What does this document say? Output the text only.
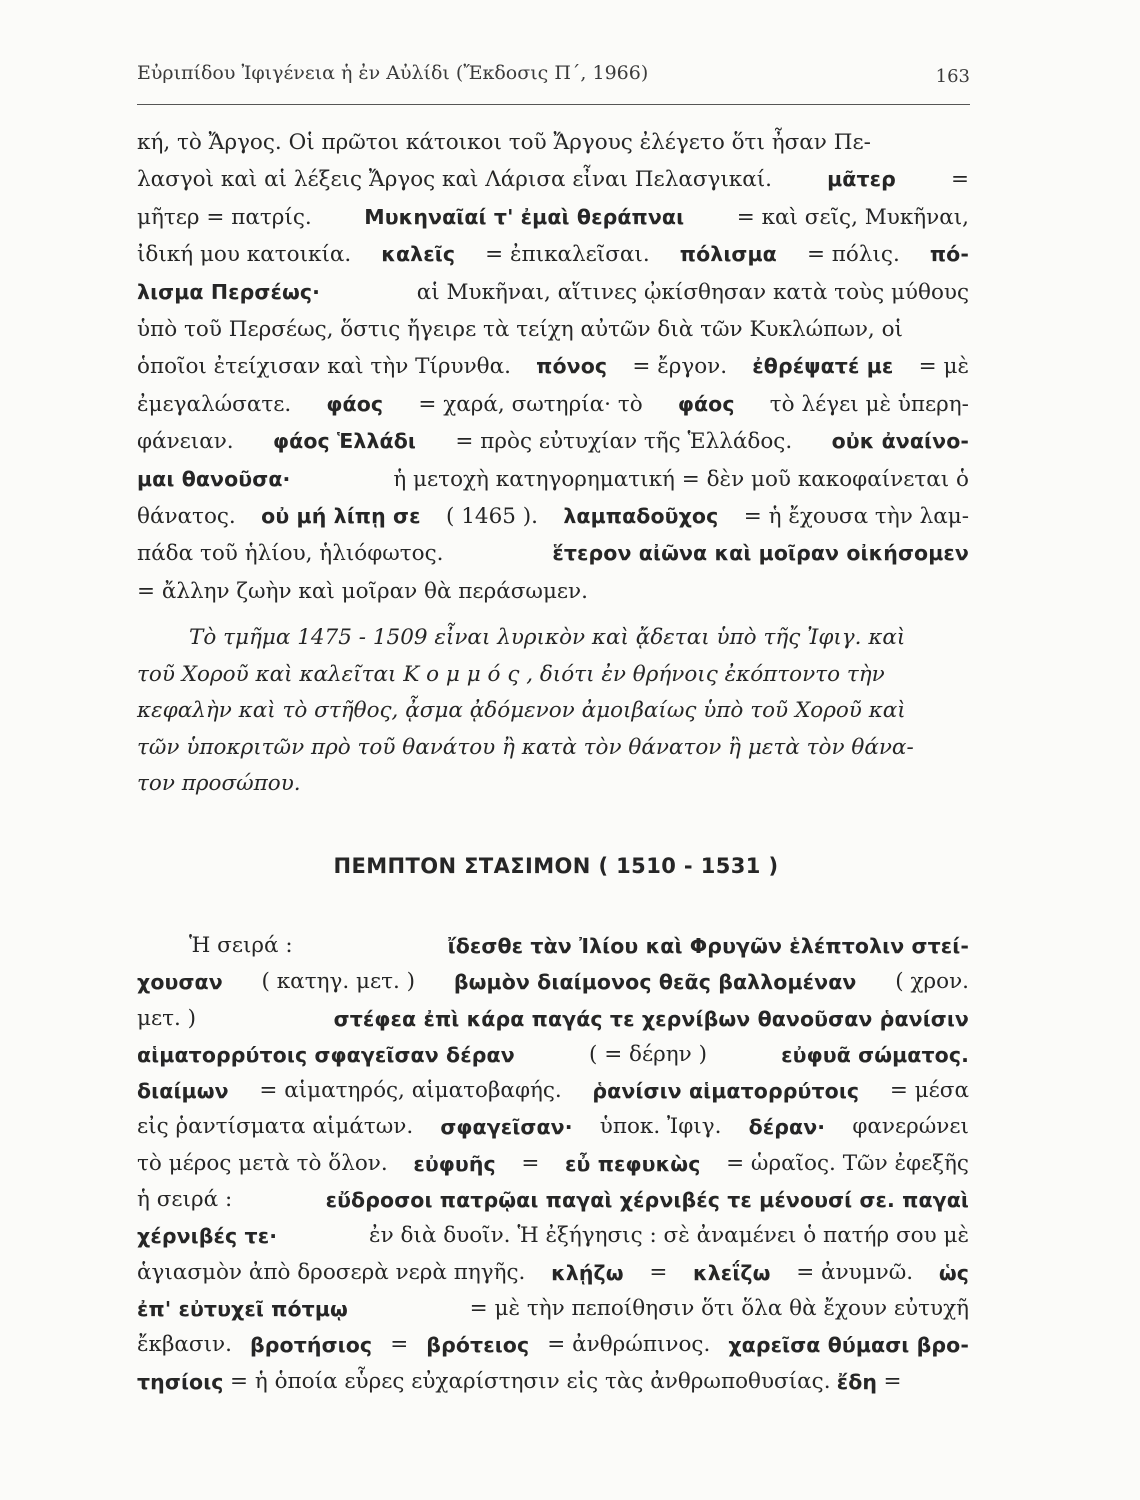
Εὐριπίδου Ἰφιγένεια ἡ ἐν Αὐλίδι (Ἔκδοσις Π΄, 1966)	163
κή, τὸ Ἄργος. Οἱ πρῶτοι κάτοικοι τοῦ Ἄργους ἐλέγετο ὅτι ἦσαν Πε-
λασγοὶ καὶ αἱ λέξεις Ἄργος καὶ Λάρισα εἶναι Πελασγικαί.	μᾶτερ	=
μῆτερ = πατρίς.	Μυκηναῖαί τ' ἐμαὶ θεράπναι = καὶ σεῖς, Μυκῆναι,
ἰδική μου κατοικία. καλεῖς = ἐπικαλεῖσαι. πόλισμα = πόλις. πό-
λισμα Περσέως·	αἱ Μυκῆναι, αἵτινες ᾠκίσθησαν κατὰ τοὺς μύθους
ὑπὸ τοῦ Περσέως, ὅστις ἤγειρε τὰ τείχη αὐτῶν διὰ τῶν Κυκλώπων, οἱ
ὁποῖοι ἐτείχισαν καὶ τὴν Τίρυνθα. πόνος = ἔργον. ἐθρέψατέ με = μὲ
ἐμεγαλώσατε. φάος = χαρά, σωτηρία· τὸ φάος τὸ λέγει μὲ ὑπερη-
φάνειαν. φάος Ἑλλάδι = πρὸς εὐτυχίαν τῆς Ἑλλάδος. οὐκ ἀναίνο-
μαι θανοῦσα·	ἡ μετοχὴ κατηγορηματική = δὲν μοῦ κακοφαίνεται ὁ
θάνατος. οὐ μή λίπῃ σε ( 1465 ). λαμπαδοῦχος = ἡ ἔχουσα τὴν λαμ-
πάδα τοῦ ἡλίου, ἡλιόφωτος.	ἕτερον αἰῶνα καὶ μοῖραν οἰκήσομεν
= ἄλλην ζωὴν καὶ μοῖραν θὰ περάσωμεν.
Τὸ τμῆμα 1475 - 1509 εἶναι λυρικὸν καὶ ᾄδεται ὑπὸ τῆς Ἰφιγ. καὶ
τοῦ Χοροῦ καὶ καλεῖται Κ ο μ μ ό ς , διότι ἐν θρήνοις ἐκόπτοντο τὴν
κεφαλὴν καὶ τὸ στῆθος, ᾆσμα ᾀδόμενον ἀμοιβαίως ὑπὸ τοῦ Χοροῦ καὶ
τῶν ὑποκριτῶν πρὸ τοῦ θανάτου ἢ κατὰ τὸν θάνατον ἢ μετὰ τὸν θάνα-
τον προσώπου.
ΠΕΜΠΤΟΝ ΣΤΑΣΙΜΟΝ ( 1510 - 1531 )
Ἡ σειρά :	ἴδεσθε τὰν Ἰλίου καὶ Φρυγῶν ἑλέπτολιν στεί-
χουσαν ( κατηγ. μετ. ) βωμὸν διαίμονος θεᾶς βαλλομέναν ( χρον.
μετ. )	στέφεα ἐπὶ κάρα παγάς τε χερνίβων θανοῦσαν ῥανίσιν
αἱματορρύτοις σφαγεῖσαν δέραν	( = δέρην )	εὐφυᾶ σώματος.
διαίμων = αἱματηρός, αἱματοβαφής. ῥανίσιν αἱματορρύτοις = μέσα
εἰς ῥαντίσματα αἱμάτων. σφαγεῖσαν· ὑποκ. Ἰφιγ. δέραν· φανερώνει
τὸ μέρος μετὰ τὸ ὅλον. εὐφυῆς = εὖ πεφυκὼς = ὡραῖος. Τῶν ἐφεξῆς
ἡ σειρά :	εὔδροσοι πατρῷαι παγαὶ χέρνιβές τε μένουσί σε. παγαὶ
χέρνιβές τε·	ἐν διὰ δυοῖν. Ἡ ἐξήγησις : σὲ ἀναμένει ὁ πατήρ σου μὲ
ἁγιασμὸν ἀπὸ δροσερὰ νερὰ πηγῆς. κλῄζω = κλεΐζω = ἀνυμνῶ. ὡς
ἐπ' εὐτυχεῖ πότμῳ	= μὲ τὴν πεποίθησιν ὅτι ὅλα θὰ ἔχουν εὐτυχῆ
ἔκβασιν. βροτήσιος = βρότειος = ἀνθρώπινος. χαρεῖσα θύμασι βρο-
τησίοις = ἡ ὁποία εὗρες εὐχαρίστησιν εἰς τὰς ἀνθρωποθυσίας. ἔδη =
